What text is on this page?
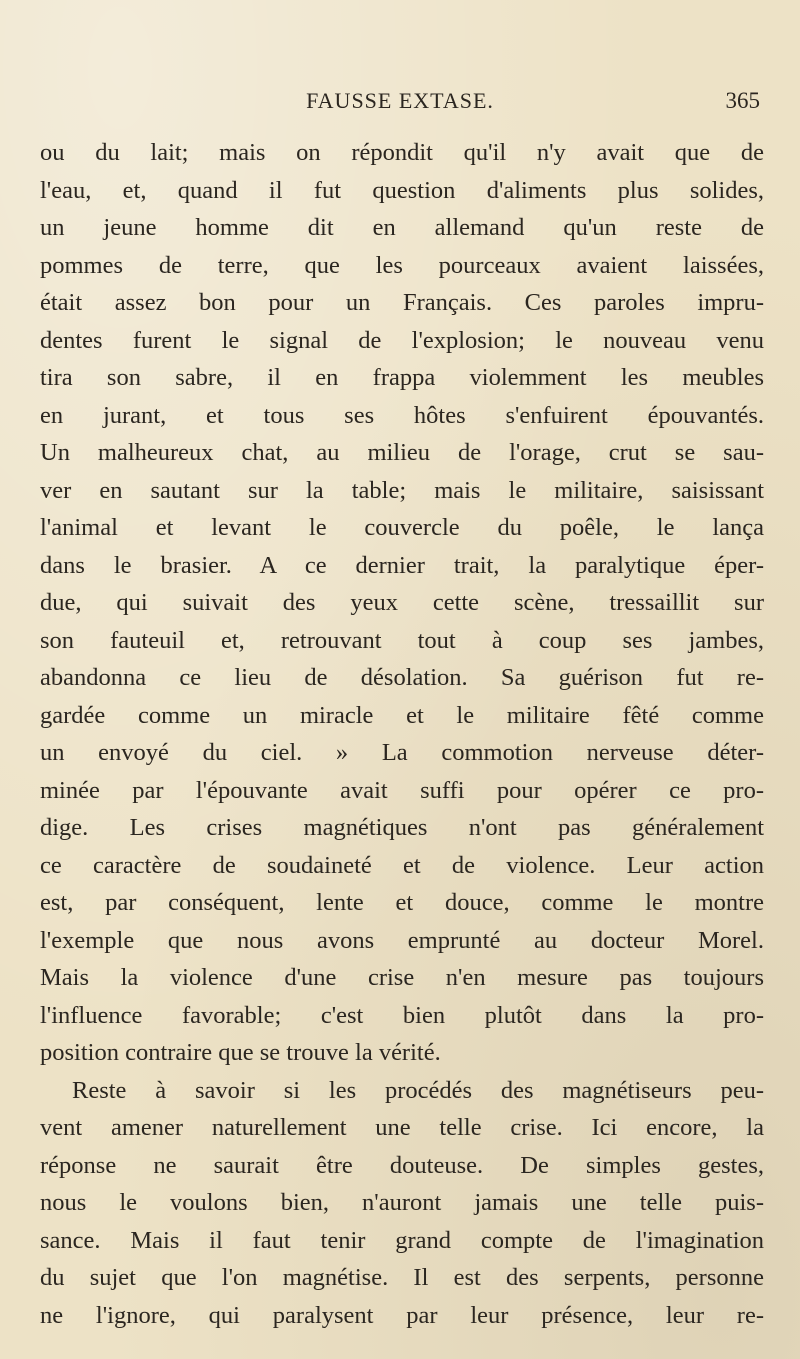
FAUSSE EXTASE.	365
ou du lait; mais on répondit qu'il n'y avait que de
l'eau, et, quand il fut question d'aliments plus solides,
un jeune homme dit en allemand qu'un reste de
pommes de terre, que les pourceaux avaient laissées,
était assez bon pour un Français. Ces paroles impru-
dentes furent le signal de l'explosion; le nouveau venu
tira son sabre, il en frappa violemment les meubles
en jurant, et tous ses hôtes s'enfuirent épouvantés.
Un malheureux chat, au milieu de l'orage, crut se sau-
ver en sautant sur la table; mais le militaire, saisissant
l'animal et levant le couvercle du poêle, le lança
dans le brasier. A ce dernier trait, la paralytique éper-
due, qui suivait des yeux cette scène, tressaillit sur
son fauteuil et, retrouvant tout à coup ses jambes,
abandonna ce lieu de désolation. Sa guérison fut re-
gardée comme un miracle et le militaire fêté comme
un envoyé du ciel. » La commotion nerveuse déter-
minée par l'épouvante avait suffi pour opérer ce pro-
dige. Les crises magnétiques n'ont pas généralement
ce caractère de soudaineté et de violence. Leur action
est, par conséquent, lente et douce, comme le montre
l'exemple que nous avons emprunté au docteur Morel.
Mais la violence d'une crise n'en mesure pas toujours
l'influence favorable; c'est bien plutôt dans la pro-
position contraire que se trouve la vérité.
Reste à savoir si les procédés des magnétiseurs peu-
vent amener naturellement une telle crise. Ici encore, la
réponse ne saurait être douteuse. De simples gestes,
nous le voulons bien, n'auront jamais une telle puis-
sance. Mais il faut tenir grand compte de l'imagination
du sujet que l'on magnétise. Il est des serpents, personne
ne l'ignore, qui paralysent par leur présence, leur re-
